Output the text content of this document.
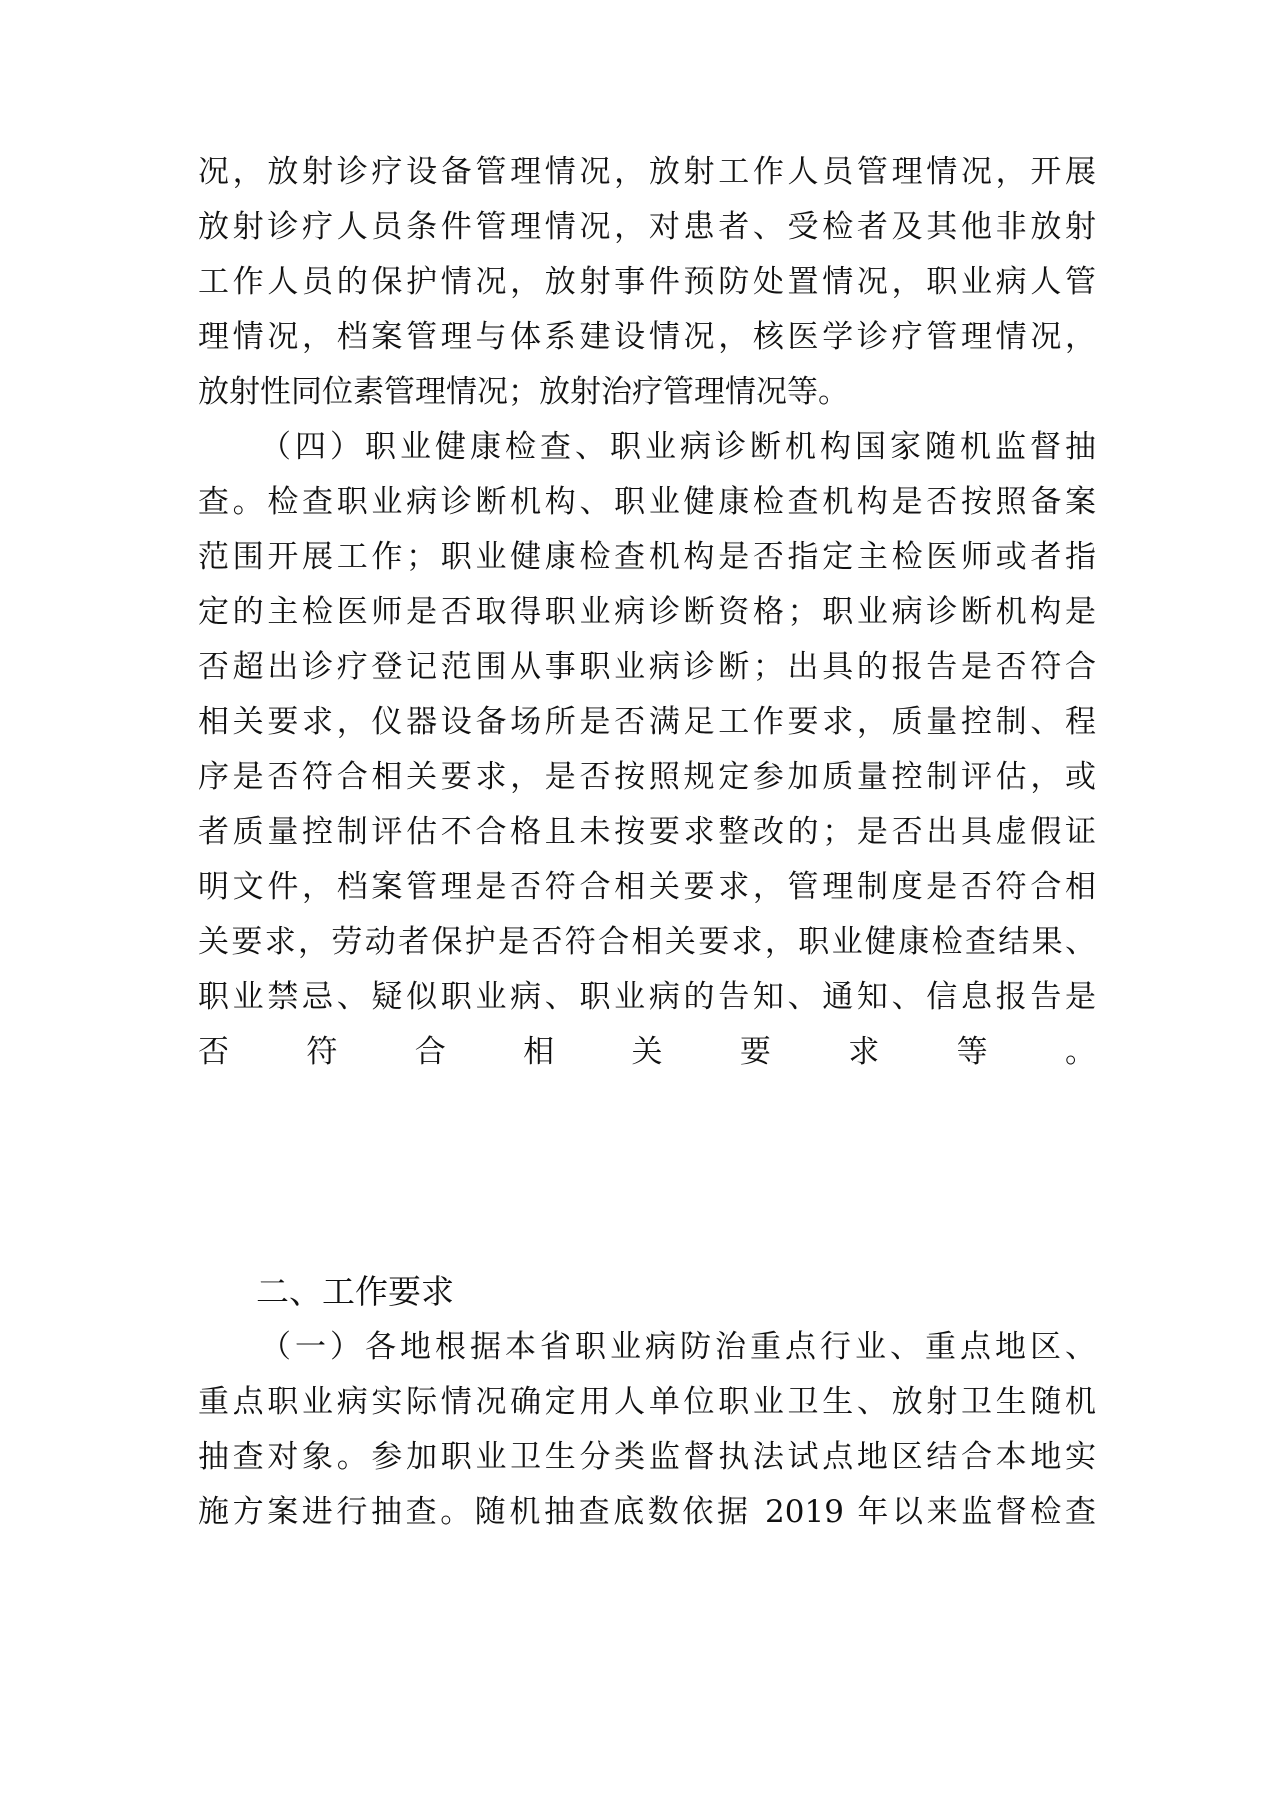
况，放射诊疗设备管理情况，放射工作人员管理情况，开展
放射诊疗人员条件管理情况，对患者、受检者及其他非放射
工作人员的保护情况，放射事件预防处置情况，职业病人管
理情况，档案管理与体系建设情况，核医学诊疗管理情况，
放射性同位素管理情况；放射治疗管理情况等。
（四）职业健康检查、职业病诊断机构国家随机监督抽
查。检查职业病诊断机构、职业健康检查机构是否按照备案
范围开展工作；职业健康检查机构是否指定主检医师或者指
定的主检医师是否取得职业病诊断资格；职业病诊断机构是
否超出诊疗登记范围从事职业病诊断；出具的报告是否符合
相关要求，仪器设备场所是否满足工作要求，质量控制、程
序是否符合相关要求，是否按照规定参加质量控制评估，或
者质量控制评估不合格且未按要求整改的；是否出具虚假证
明文件，档案管理是否符合相关要求，管理制度是否符合相
关要求，劳动者保护是否符合相关要求，职业健康检查结果、
职业禁忌、疑似职业病、职业病的告知、通知、信息报告是
否符合相关要求等。
二、工作要求
（一）各地根据本省职业病防治重点行业、重点地区、
重点职业病实际情况确定用人单位职业卫生、放射卫生随机
抽查对象。参加职业卫生分类监督执法试点地区结合本地实
施方案进行抽查。随机抽查底数依据 2019 年以来监督检查
